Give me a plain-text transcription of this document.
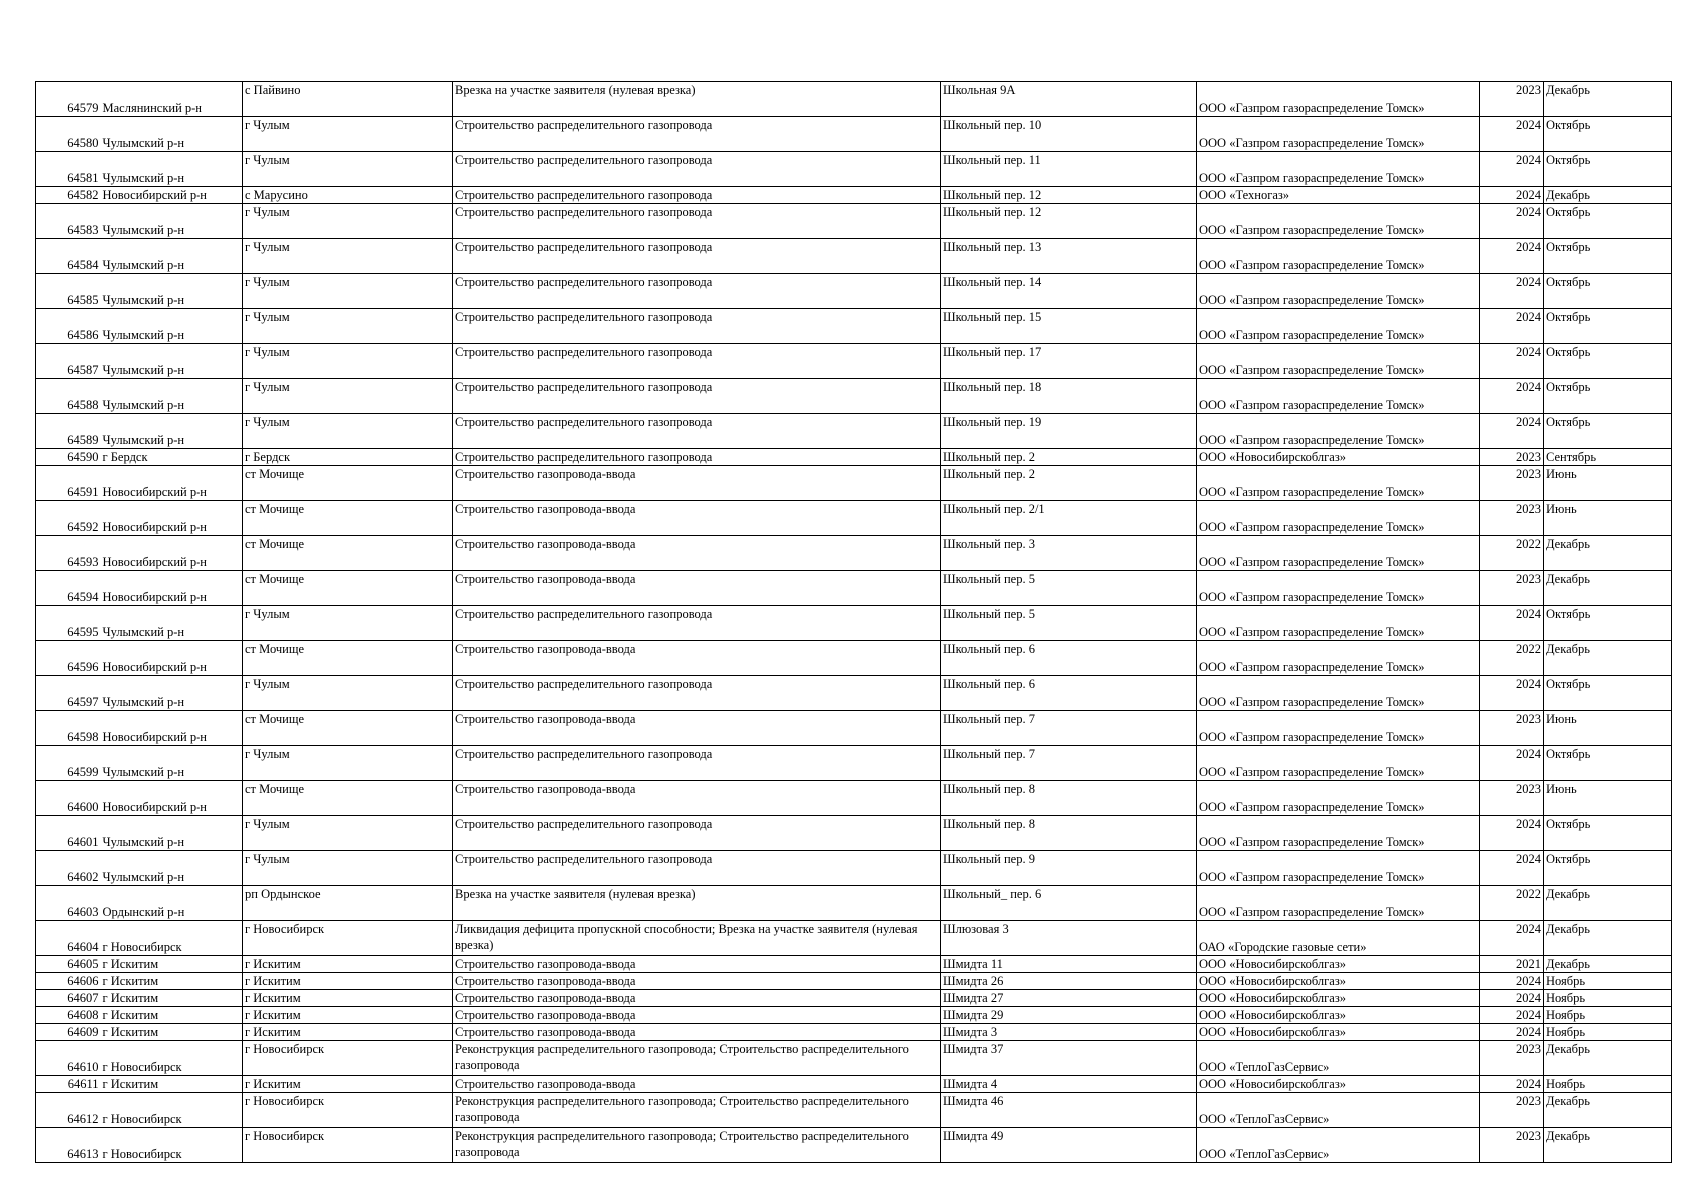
64579	Маслянинский р-н	с Пайвино	Врезка на участке заявителя (нулевая врезка)	Школьная 9А	ООО «Газпром газораспределение Томск»	2023	Декабрь
64580	Чулымский р-н	г Чулым	Строительство распределительного газопровода	Школьный пер. 10	ООО «Газпром газораспределение Томск»	2024	Октябрь
64581	Чулымский р-н	г Чулым	Строительство распределительного газопровода	Школьный пер. 11	ООО «Газпром газораспределение Томск»	2024	Октябрь
64582	Новосибирский р-н	с Марусино	Строительство распределительного газопровода	Школьный пер. 12	ООО «Техногаз»	2024	Декабрь
64583	Чулымский р-н	г Чулым	Строительство распределительного газопровода	Школьный пер. 12	ООО «Газпром газораспределение Томск»	2024	Октябрь
64584	Чулымский р-н	г Чулым	Строительство распределительного газопровода	Школьный пер. 13	ООО «Газпром газораспределение Томск»	2024	Октябрь
64585	Чулымский р-н	г Чулым	Строительство распределительного газопровода	Школьный пер. 14	ООО «Газпром газораспределение Томск»	2024	Октябрь
64586	Чулымский р-н	г Чулым	Строительство распределительного газопровода	Школьный пер. 15	ООО «Газпром газораспределение Томск»	2024	Октябрь
64587	Чулымский р-н	г Чулым	Строительство распределительного газопровода	Школьный пер. 17	ООО «Газпром газораспределение Томск»	2024	Октябрь
64588	Чулымский р-н	г Чулым	Строительство распределительного газопровода	Школьный пер. 18	ООО «Газпром газораспределение Томск»	2024	Октябрь
64589	Чулымский р-н	г Чулым	Строительство распределительного газопровода	Школьный пер. 19	ООО «Газпром газораспределение Томск»	2024	Октябрь
64590	г Бердск	г Бердск	Строительство распределительного газопровода	Школьный пер. 2	ООО «Новосибирскоблгаз»	2023	Сентябрь
64591	Новосибирский р-н	ст Мочище	Строительство газопровода-ввода	Школьный пер. 2	ООО «Газпром газораспределение Томск»	2023	Июнь
64592	Новосибирский р-н	ст Мочище	Строительство газопровода-ввода	Школьный пер. 2/1	ООО «Газпром газораспределение Томск»	2023	Июнь
64593	Новосибирский р-н	ст Мочище	Строительство газопровода-ввода	Школьный пер. 3	ООО «Газпром газораспределение Томск»	2022	Декабрь
64594	Новосибирский р-н	ст Мочище	Строительство газопровода-ввода	Школьный пер. 5	ООО «Газпром газораспределение Томск»	2023	Декабрь
64595	Чулымский р-н	г Чулым	Строительство распределительного газопровода	Школьный пер. 5	ООО «Газпром газораспределение Томск»	2024	Октябрь
64596	Новосибирский р-н	ст Мочище	Строительство газопровода-ввода	Школьный пер. 6	ООО «Газпром газораспределение Томск»	2022	Декабрь
64597	Чулымский р-н	г Чулым	Строительство распределительного газопровода	Школьный пер. 6	ООО «Газпром газораспределение Томск»	2024	Октябрь
64598	Новосибирский р-н	ст Мочище	Строительство газопровода-ввода	Школьный пер. 7	ООО «Газпром газораспределение Томск»	2023	Июнь
64599	Чулымский р-н	г Чулым	Строительство распределительного газопровода	Школьный пер. 7	ООО «Газпром газораспределение Томск»	2024	Октябрь
64600	Новосибирский р-н	ст Мочище	Строительство газопровода-ввода	Школьный пер. 8	ООО «Газпром газораспределение Томск»	2023	Июнь
64601	Чулымский р-н	г Чулым	Строительство распределительного газопровода	Школьный пер. 8	ООО «Газпром газораспределение Томск»	2024	Октябрь
64602	Чулымский р-н	г Чулым	Строительство распределительного газопровода	Школьный пер. 9	ООО «Газпром газораспределение Томск»	2024	Октябрь
64603	Ордынский р-н	рп Ордынское	Врезка на участке заявителя (нулевая врезка)	Школьный_ пер. 6	ООО «Газпром газораспределение Томск»	2022	Декабрь
64604	г Новосибирск	г Новосибирск	Ликвидация дефицита пропускной способности; Врезка на участке заявителя (нулевая врезка)	Шлюзовая 3	ОАО «Городские газовые сети»	2024	Декабрь
64605	г Искитим	г Искитим	Строительство газопровода-ввода	Шмидта 11	ООО «Новосибирскоблгаз»	2021	Декабрь
64606	г Искитим	г Искитим	Строительство газопровода-ввода	Шмидта 26	ООО «Новосибирскоблгаз»	2024	Ноябрь
64607	г Искитим	г Искитим	Строительство газопровода-ввода	Шмидта 27	ООО «Новосибирскоблгаз»	2024	Ноябрь
64608	г Искитим	г Искитим	Строительство газопровода-ввода	Шмидта 29	ООО «Новосибирскоблгаз»	2024	Ноябрь
64609	г Искитим	г Искитим	Строительство газопровода-ввода	Шмидта 3	ООО «Новосибирскоблгаз»	2024	Ноябрь
64610	г Новосибирск	г Новосибирск	Реконструкция распределительного газопровода; Строительство распределительного газопровода	Шмидта 37	ООО «ТеплоГазСервис»	2023	Декабрь
64611	г Искитим	г Искитим	Строительство газопровода-ввода	Шмидта 4	ООО «Новосибирскоблгаз»	2024	Ноябрь
64612	г Новосибирск	г Новосибирск	Реконструкция распределительного газопровода; Строительство распределительного газопровода	Шмидта 46	ООО «ТеплоГазСервис»	2023	Декабрь
64613	г Новосибирск	г Новосибирск	Реконструкция распределительного газопровода; Строительство распределительного газопровода	Шмидта 49	ООО «ТеплоГазСервис»	2023	Декабрь
